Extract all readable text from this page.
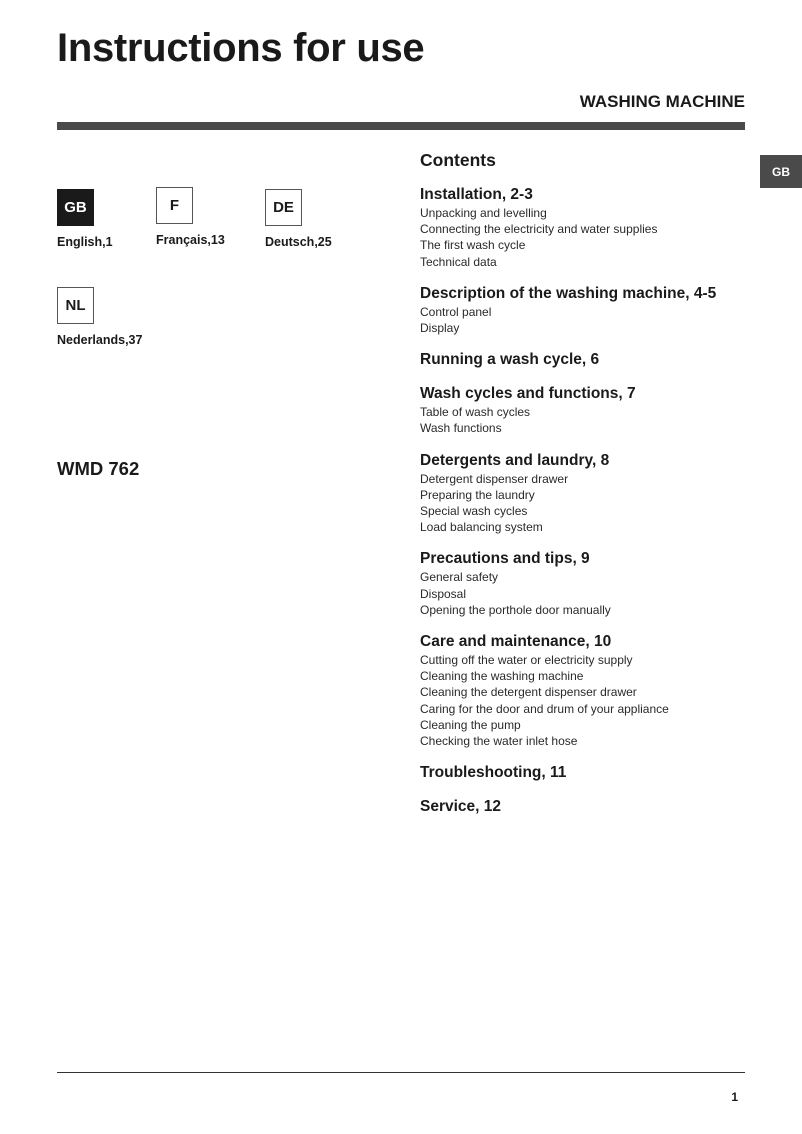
Instructions for use
WASHING MACHINE
GB
GB
English,1
F
Français,13
DE
Deutsch,25
NL
Nederlands,37
WMD 762
Contents
Installation, 2-3
Unpacking and levelling
Connecting the electricity and water supplies
The first wash cycle
Technical data
Description of the washing machine, 4-5
Control panel
Display
Running a wash cycle, 6
Wash cycles and functions, 7
Table of wash cycles
Wash functions
Detergents and laundry, 8
Detergent dispenser drawer
Preparing the laundry
Special wash cycles
Load balancing system
Precautions and tips, 9
General safety
Disposal
Opening the porthole door manually
Care and maintenance, 10
Cutting off the water or electricity supply
Cleaning the washing machine
Cleaning the detergent dispenser drawer
Caring for the door and drum of your appliance
Cleaning the pump
Checking the water inlet hose
Troubleshooting, 11
Service, 12
1
